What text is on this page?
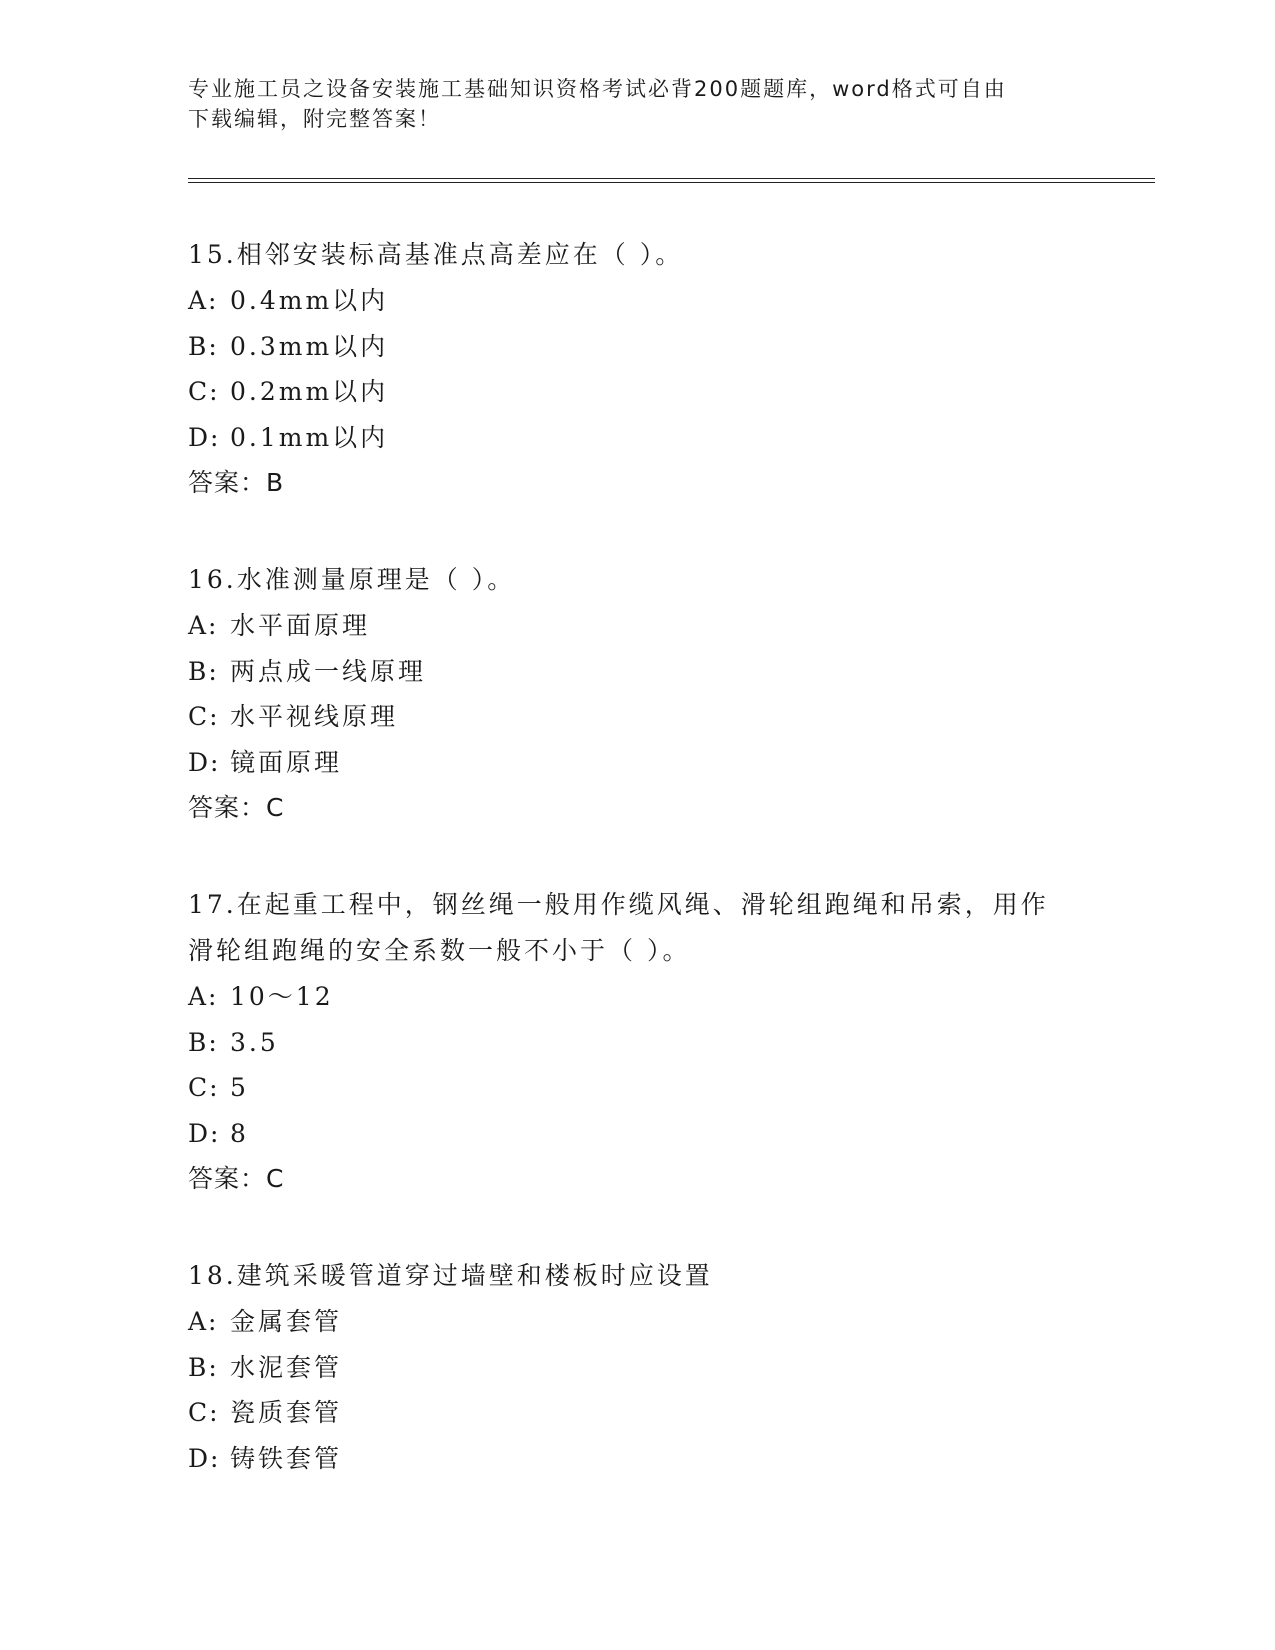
专业施工员之设备安装施工基础知识资格考试必背200题题库，word格式可自由
下载编辑，附完整答案！

15.相邻安装标高基准点高差应在（ ）。

A: 0.4mm以内

B: 0.3mm以内

C: 0.2mm以内

D: 0.1mm以内

答案：B

16.水准测量原理是（ ）。

A: 水平面原理

B: 两点成一线原理

C: 水平视线原理

D: 镜面原理

答案：C

17.在起重工程中，钢丝绳一般用作缆风绳、滑轮组跑绳和吊索，用作

滑轮组跑绳的安全系数一般不小于（ ）。

A: 10～12

B: 3.5

C: 5

D: 8

答案：C

18.建筑采暖管道穿过墙壁和楼板时应设置

A: 金属套管

B: 水泥套管

C: 瓷质套管

D: 铸铁套管
